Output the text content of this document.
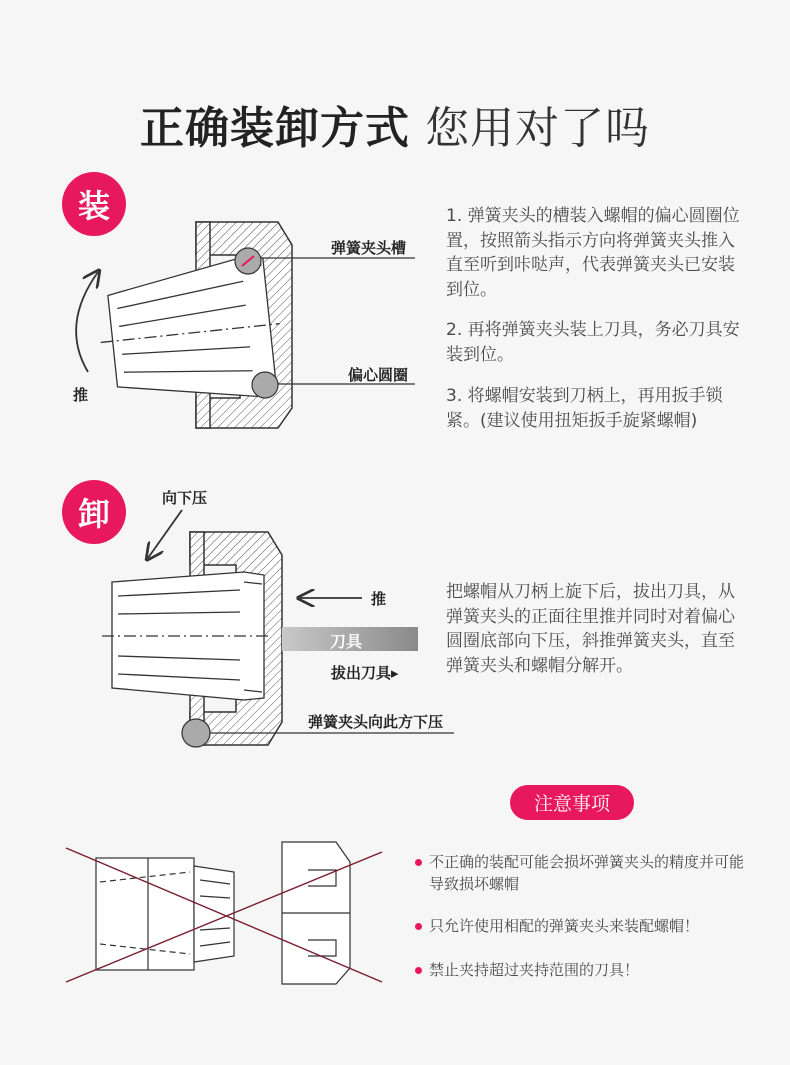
正确装卸方式 您用对了吗
装
弹簧夹头槽
偏心圆圈
推
1. 弹簧夹头的槽装入螺帽的偏心圆圈位置，按照箭头指示方向将弹簧夹头推入直至听到咔哒声，代表弹簧夹头已安装到位。
2. 再将弹簧夹头装上刀具，务必刀具安装到位。
3. 将螺帽安装到刀柄上，再用扳手锁紧。(建议使用扭矩扳手旋紧螺帽)
卸	向下压
推
刀具
拔出刀具▸
弹簧夹头向此方下压
把螺帽从刀柄上旋下后，拔出刀具，从弹簧夹头的正面往里推并同时对着偏心圆圈底部向下压，斜推弹簧夹头，直至弹簧夹头和螺帽分解开。
注意事项
不正确的装配可能会损坏弹簧夹头的精度并可能导致损坏螺帽
只允许使用相配的弹簧夹头来装配螺帽！
禁止夹持超过夹持范围的刀具！
